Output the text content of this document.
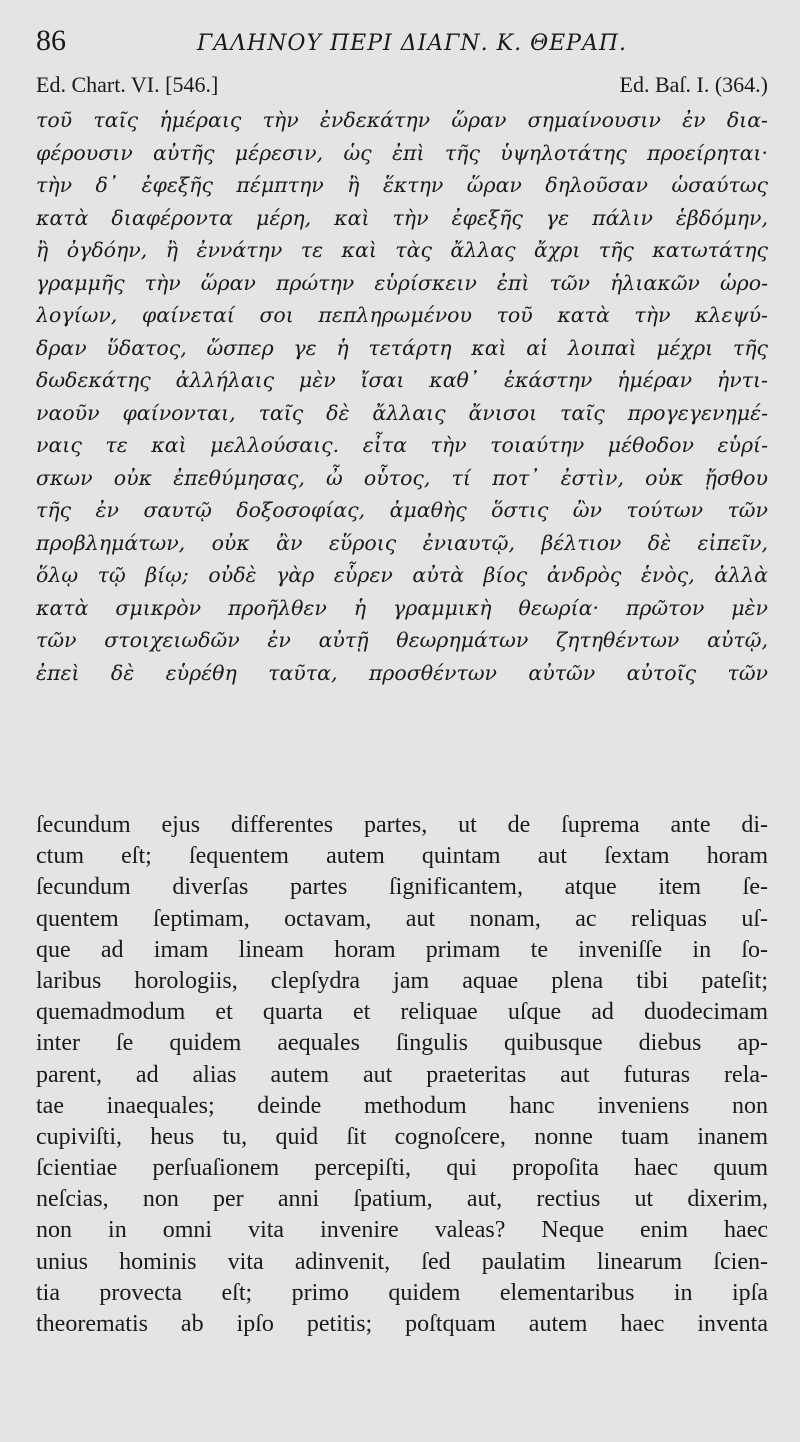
86	ΓΑΛΗΝΟΥ ΠΕΡΙ ΔΙΑΓΝ. Κ. ΘΕΡΑΠ.
Ed. Chart. VI. [546.]	Ed. Baſ. I. (364.)
τοῦ ταῖς ἡμέραις τὴν ἐνδεκάτην ὥραν σημαίνουσιν ἐν δια-
φέρουσιν αὐτῆς μέρεσιν, ὡς ἐπὶ τῆς ὑψηλοτάτης προείρηται·
τὴν δ᾽ ἐφεξῆς πέμπτην ἢ ἕκτην ὥραν δηλοῦσαν ὡσαύτως
κατὰ διαφέροντα μέρη, καὶ τὴν ἐφεξῆς γε πάλιν ἑβδόμην,
ἢ ὀγδόην, ἢ ἐννάτην τε καὶ τὰς ἄλλας ἄχρι τῆς κατωτάτης
γραμμῆς τὴν ὥραν πρώτην εὑρίσκειν ἐπὶ τῶν ἡλιακῶν ὡρο-
λογίων, φαίνεταί σοι πεπληρωμένου τοῦ κατὰ τὴν κλεψύ-
δραν ὕδατος, ὥσπερ γε ἡ τετάρτη καὶ αἱ λοιπαὶ μέχρι τῆς
δωδεκάτης ἀλλήλαις μὲν ἴσαι καθ᾽ ἑκάστην ἡμέραν ἠντι-
ναοῦν φαίνονται, ταῖς δὲ ἄλλαις ἄνισοι ταῖς προγεγενημέ-
ναις τε καὶ μελλούσαις. εἶτα τὴν τοιαύτην μέθοδον εὑρί-
σκων οὐκ ἐπεθύμησας, ὦ οὗτος, τί ποτ᾽ ἐστὶν, οὐκ ᾔσθου
τῆς ἐν σαυτῷ δοξοσοφίας, ἀμαθὴς ὅστις ὢν τούτων τῶν
προβλημάτων, οὐκ ἂν εὕροις ἐνιαυτῷ, βέλτιον δὲ εἰπεῖν,
ὅλῳ τῷ βίῳ; οὐδὲ γὰρ εὗρεν αὐτὰ βίος ἀνδρὸς ἑνὸς, ἀλλὰ
κατὰ σμικρὸν προῆλθεν ἡ γραμμικὴ θεωρία· πρῶτον μὲν
τῶν στοιχειωδῶν ἐν αὐτῇ θεωρημάτων ζητηθέντων αὐτῷ,
ἐπεὶ δὲ εὑρέθη ταῦτα, προσθέντων αὐτῶν αὐτοῖς τῶν
ſecundum ejus differentes partes, ut de ſuprema ante di-
ctum eſt; ſequentem autem quintam aut ſextam horam
ſecundum diverſas partes ſignificantem, atque item ſe-
quentem ſeptimam, octavam, aut nonam, ac reliquas uſ-
que ad imam lineam horam primam te inveniſſe in ſo-
laribus horologiis, clepſydra jam aquae plena tibi pateſit;
quemadmodum et quarta et reliquae uſque ad duodecimam
inter ſe quidem aequales ſingulis quibusque diebus ap-
parent, ad alias autem aut praeteritas aut futuras rela-
tae inaequales; deinde methodum hanc inveniens non
cupiviſti, heus tu, quid ſit cognoſcere, nonne tuam inanem
ſcientiae perſuaſionem percepiſti, qui propoſita haec quum
neſcias, non per anni ſpatium, aut, rectius ut dixerim,
non in omni vita invenire valeas? Neque enim haec
unius hominis vita adinvenit, ſed paulatim linearum ſcien-
tia provecta eſt; primo quidem elementaribus in ipſa
theorematis ab ipſo petitis; poſtquam autem haec inventa
